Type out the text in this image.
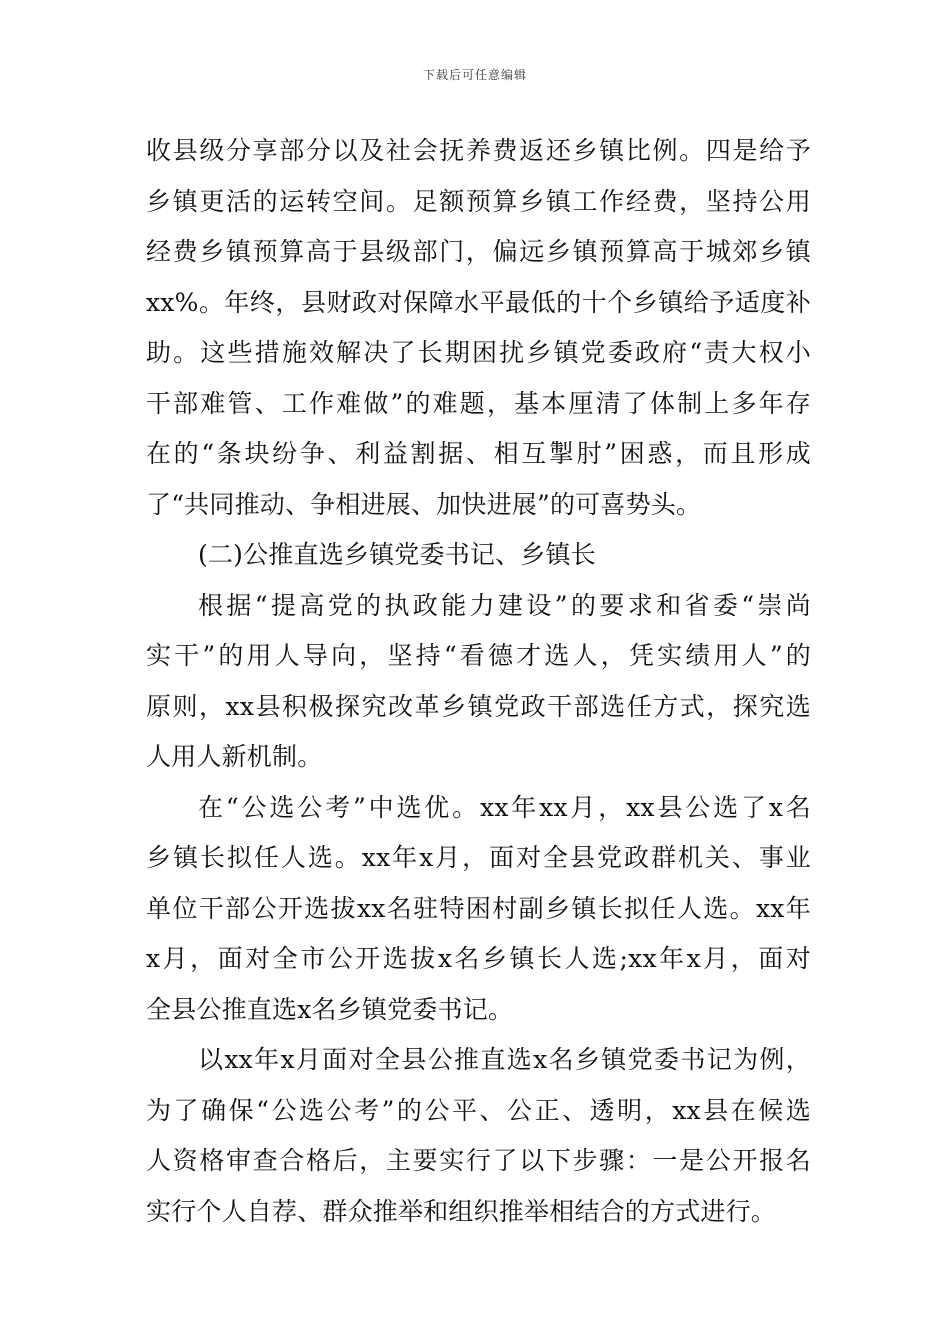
下载后可任意编辑
收县级分享部分以及社会抚养费返还乡镇比例。四是给予
乡镇更活的运转空间。足额预算乡镇工作经费，坚持公用
经费乡镇预算高于县级部门，偏远乡镇预算高于城郊乡镇
xx%。年终，县财政对保障水平最低的十个乡镇给予适度补
助。这些措施效解决了长期困扰乡镇党委政府“责大权小
干部难管、工作难做”的难题，基本厘清了体制上多年存
在的“条块纷争、利益割据、相互掣肘”困惑，而且形成
了“共同推动、争相进展、加快进展”的可喜势头。
(二)公推直选乡镇党委书记、乡镇长
根据“提高党的执政能力建设”的要求和省委“崇尚
实干”的用人导向，坚持“看德才选人，凭实绩用人”的
原则，xx县积极探究改革乡镇党政干部选任方式，探究选
人用人新机制。
在“公选公考”中选优。xx年xx月，xx县公选了x名
乡镇长拟任人选。xx年x月，面对全县党政群机关、事业
单位干部公开选拔xx名驻特困村副乡镇长拟任人选。xx年
x月，面对全市公开选拔x名乡镇长人选;xx年x月，面对
全县公推直选x名乡镇党委书记。
以xx年x月面对全县公推直选x名乡镇党委书记为例，
为了确保“公选公考”的公平、公正、透明，xx县在候选
人资格审查合格后，主要实行了以下步骤：一是公开报名
实行个人自荐、群众推举和组织推举相结合的方式进行。
